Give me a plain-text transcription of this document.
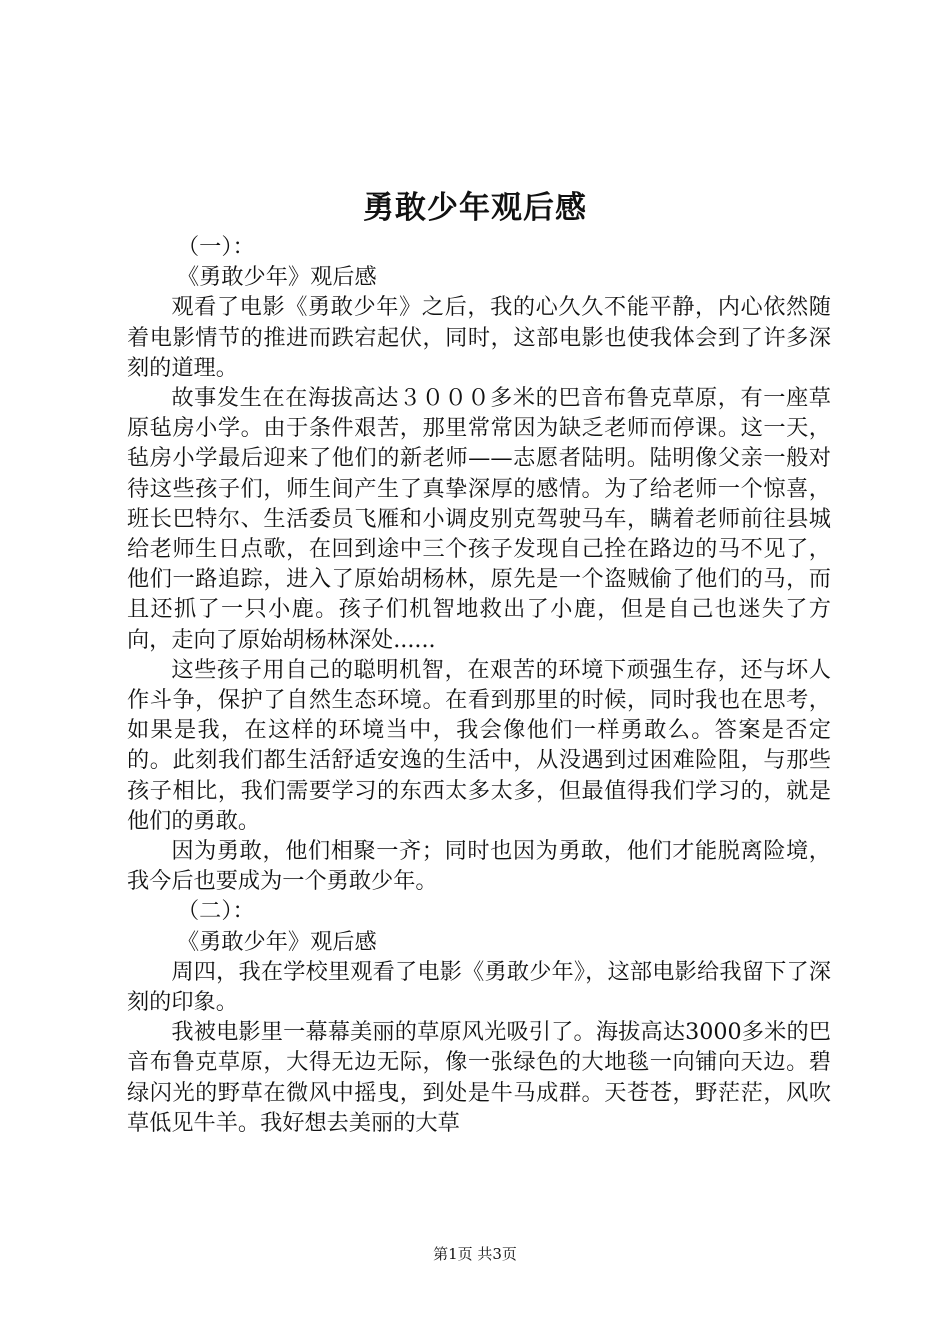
勇敢少年观后感

（一）：

《勇敢少年》观后感

观看了电影《勇敢少年》之后，我的心久久不能平静，内心依然随着电影情节的推进而跌宕起伏，同时，这部电影也使我体会到了许多深刻的道理。

故事发生在在海拔高达３０００多米的巴音布鲁克草原，有一座草原毡房小学。由于条件艰苦，那里常常因为缺乏老师而停课。这一天，毡房小学最后迎来了他们的新老师——志愿者陆明。陆明像父亲一般对待这些孩子们，师生间产生了真挚深厚的感情。为了给老师一个惊喜，班长巴特尔、生活委员飞雁和小调皮别克驾驶马车，瞒着老师前往县城给老师生日点歌，在回到途中三个孩子发现自己拴在路边的马不见了，他们一路追踪，进入了原始胡杨林，原先是一个盗贼偷了他们的马，而且还抓了一只小鹿。孩子们机智地救出了小鹿，但是自己也迷失了方向，走向了原始胡杨林深处......

这些孩子用自己的聪明机智，在艰苦的环境下顽强生存，还与坏人作斗争，保护了自然生态环境。在看到那里的时候，同时我也在思考，如果是我，在这样的环境当中，我会像他们一样勇敢么。答案是否定的。此刻我们都生活舒适安逸的生活中，从没遇到过困难险阻，与那些孩子相比，我们需要学习的东西太多太多，但最值得我们学习的，就是他们的勇敢。

因为勇敢，他们相聚一齐；同时也因为勇敢，他们才能脱离险境，我今后也要成为一个勇敢少年。

（二）：

《勇敢少年》观后感

周四，我在学校里观看了电影《勇敢少年》，这部电影给我留下了深刻的印象。

我被电影里一幕幕美丽的草原风光吸引了。海拔高达3000多米的巴音布鲁克草原，大得无边无际，像一张绿色的大地毯一向铺向天边。碧绿闪光的野草在微风中摇曳，到处是牛马成群。天苍苍，野茫茫，风吹草低见牛羊。我好想去美丽的大草

第1页 共3页
